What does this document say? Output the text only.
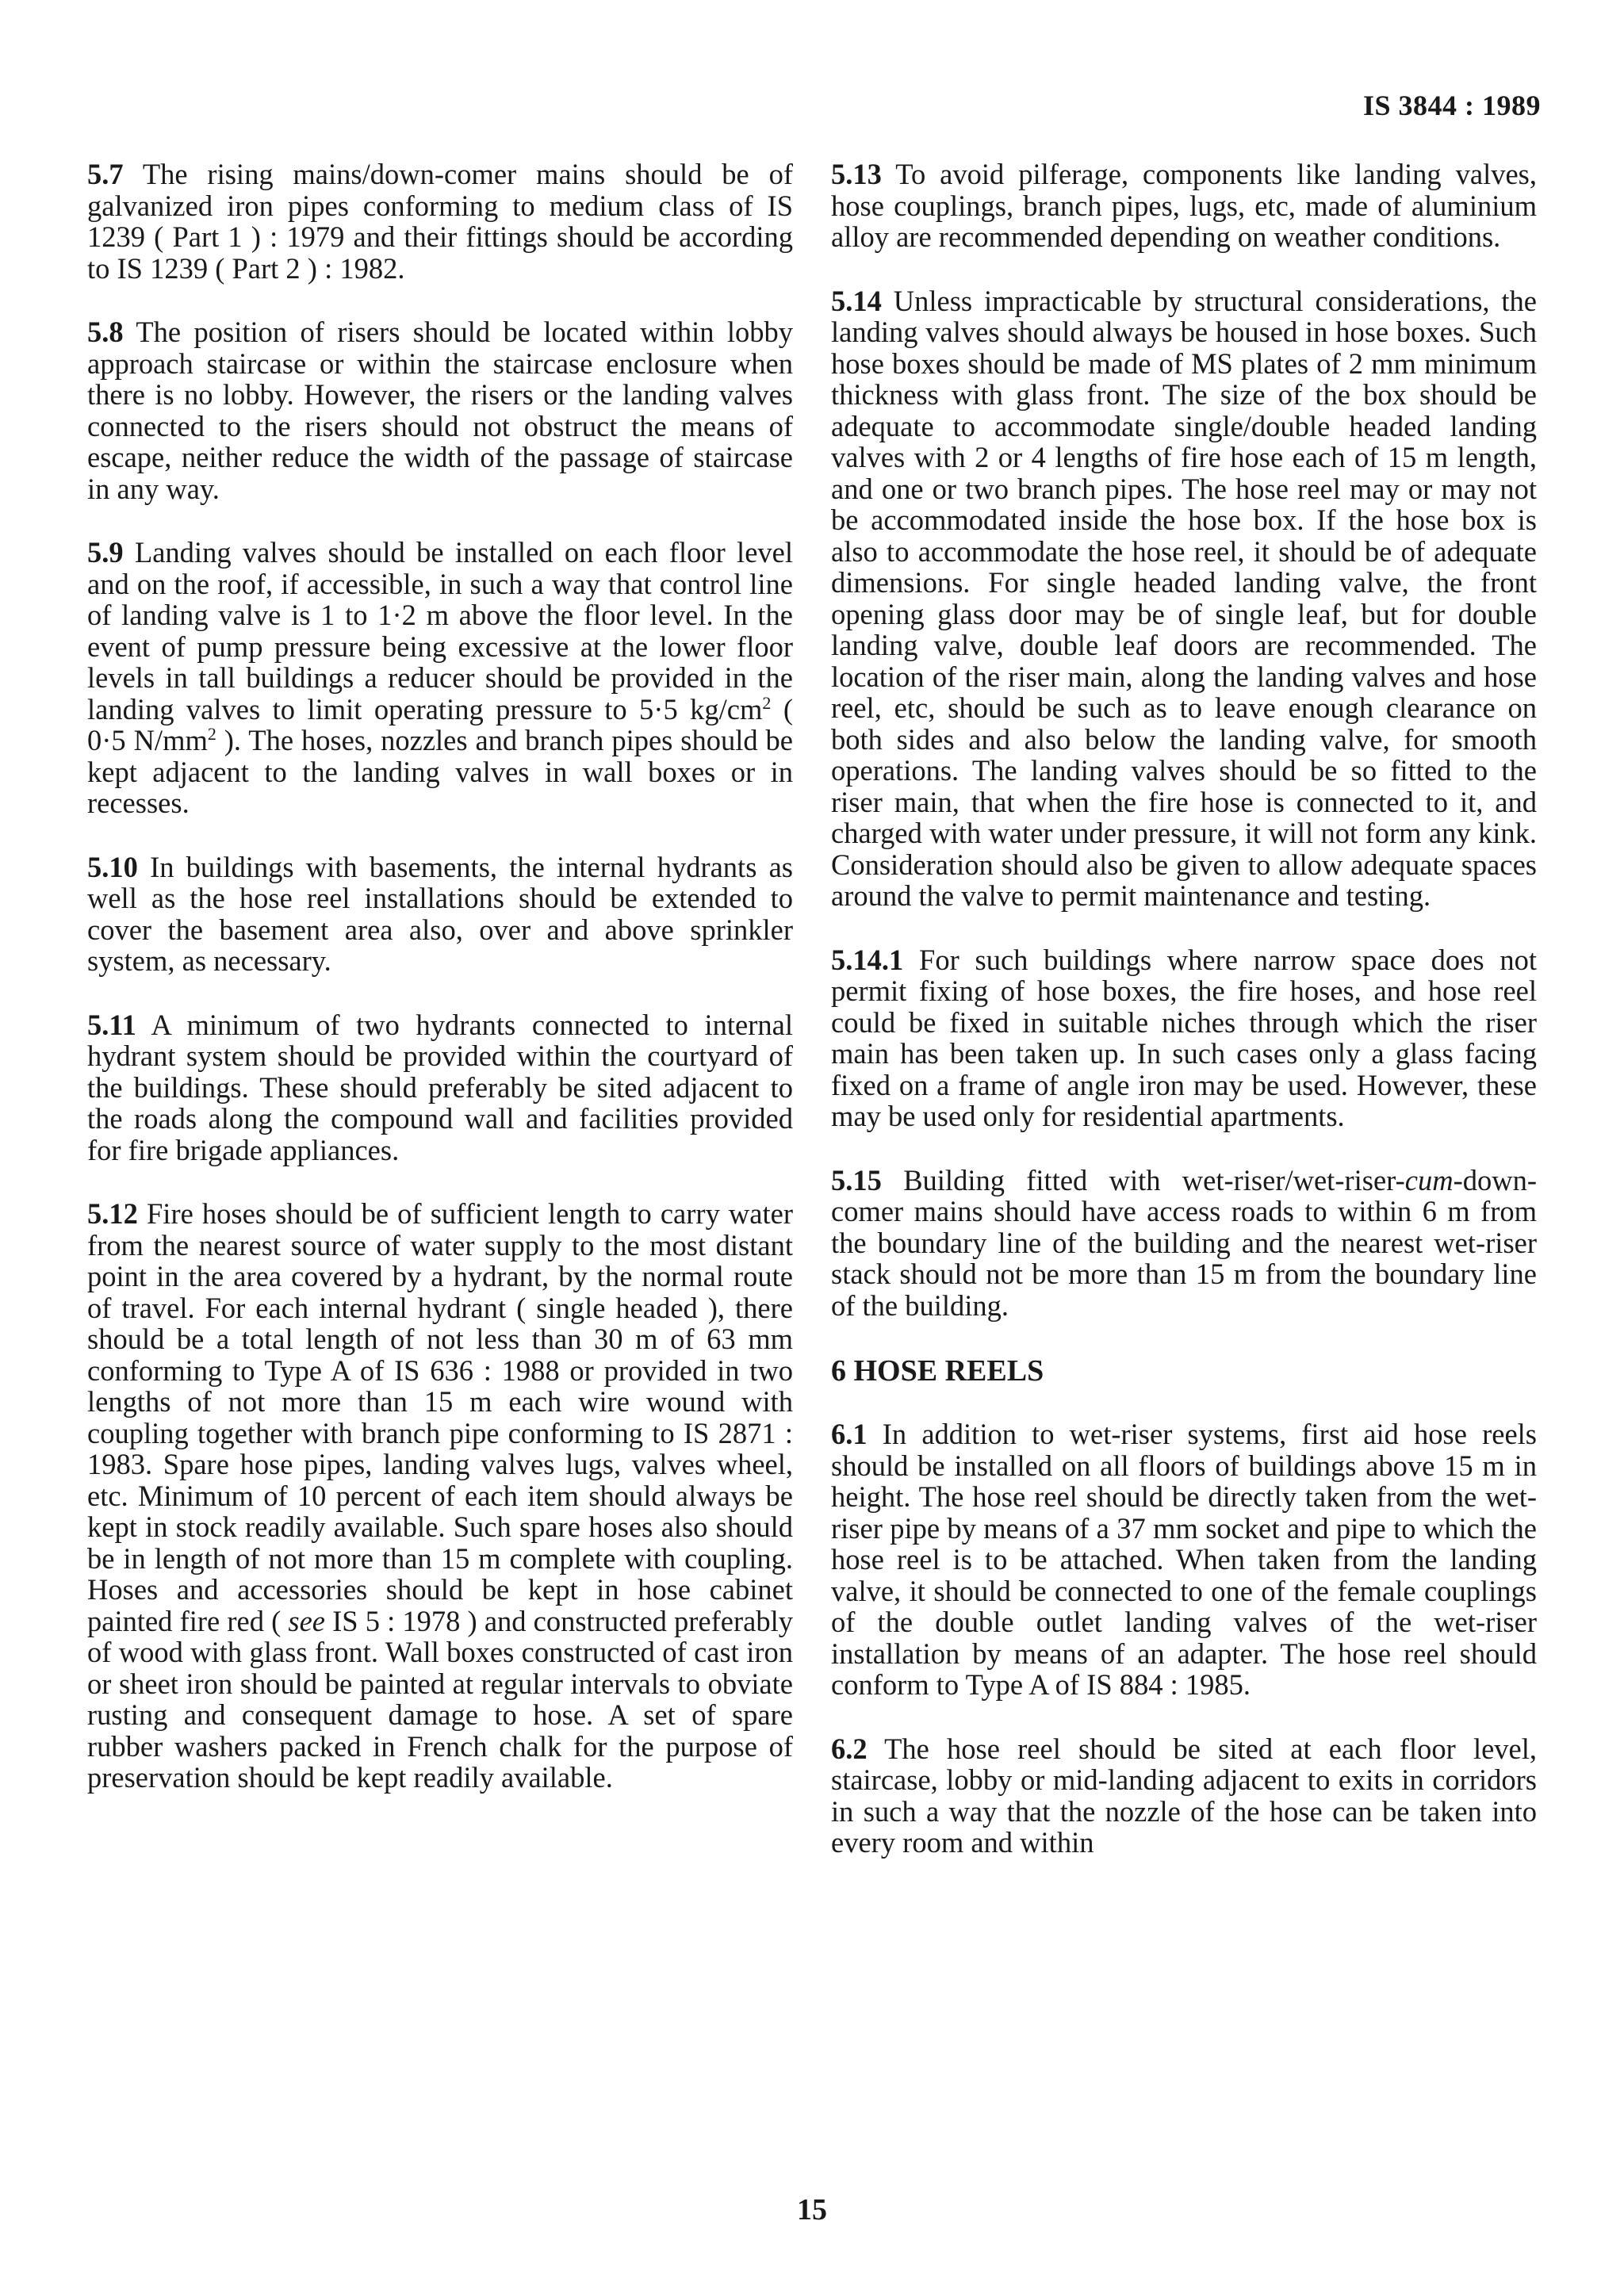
IS 3844 : 1989

5.7 The rising mains/down-comer mains should be of galvanized iron pipes conforming to medium class of IS 1239 ( Part 1 ) : 1979 and their fittings should be according to IS 1239 ( Part 2 ) : 1982.

5.8 The position of risers should be located within lobby approach staircase or within the staircase enclosure when there is no lobby. However, the risers or the landing valves connected to the risers should not obstruct the means of escape, neither reduce the width of the passage of staircase in any way.

5.9 Landing valves should be installed on each floor level and on the roof, if accessible, in such a way that control line of landing valve is 1 to 1·2 m above the floor level. In the event of pump pressure being excessive at the lower floor levels in tall buildings a reducer should be provided in the landing valves to limit operating pressure to 5·5 $kg/cm^2$ ( 0·5 $N/mm^2$ ). The hoses, nozzles and branch pipes should be kept adjacent to the landing valves in wall boxes or in recesses.

5.10 In buildings with basements, the internal hydrants as well as the hose reel installations should be extended to cover the basement area also, over and above sprinkler system, as necessary.

5.11 A minimum of two hydrants connected to internal hydrant system should be provided within the courtyard of the buildings. These should preferably be sited adjacent to the roads along the compound wall and facilities provided for fire brigade appliances.

5.12 Fire hoses should be of sufficient length to carry water from the nearest source of water supply to the most distant point in the area covered by a hydrant, by the normal route of travel. For each internal hydrant ( single headed ), there should be a total length of not less than 30 m of 63 mm conforming to Type A of IS 636 : 1988 or provided in two lengths of not more than 15 m each wire wound with coupling together with branch pipe conforming to IS 2871 : 1983. Spare hose pipes, landing valves lugs, valves wheel, etc. Minimum of 10 percent of each item should always be kept in stock readily available. Such spare hoses also should be in length of not more than 15 m complete with coupling. Hoses and accessories should be kept in hose cabinet painted fire red ( see IS 5 : 1978 ) and constructed preferably of wood with glass front. Wall boxes constructed of cast iron or sheet iron should be painted at regular intervals to obviate rusting and consequent damage to hose. A set of spare rubber washers packed in French chalk for the purpose of preservation should be kept readily available.

5.13 To avoid pilferage, components like landing valves, hose couplings, branch pipes, lugs, etc, made of aluminium alloy are recommended depending on weather conditions.

5.14 Unless impracticable by structural considerations, the landing valves should always be housed in hose boxes. Such hose boxes should be made of MS plates of 2 mm minimum thickness with glass front. The size of the box should be adequate to accommodate single/double headed landing valves with 2 or 4 lengths of fire hose each of 15 m length, and one or two branch pipes. The hose reel may or may not be accommodated inside the hose box. If the hose box is also to accommodate the hose reel, it should be of adequate dimensions. For single headed landing valve, the front opening glass door may be of single leaf, but for double landing valve, double leaf doors are recommended. The location of the riser main, along the landing valves and hose reel, etc, should be such as to leave enough clearance on both sides and also below the landing valve, for smooth operations. The landing valves should be so fitted to the riser main, that when the fire hose is connected to it, and charged with water under pressure, it will not form any kink. Consideration should also be given to allow adequate spaces around the valve to permit maintenance and testing.

5.14.1 For such buildings where narrow space does not permit fixing of hose boxes, the fire hoses, and hose reel could be fixed in suitable niches through which the riser main has been taken up. In such cases only a glass facing fixed on a frame of angle iron may be used. However, these may be used only for residential apartments.

5.15 Building fitted with wet-riser/wet-riser-cum-down-comer mains should have access roads to within 6 m from the boundary line of the building and the nearest wet-riser stack should not be more than 15 m from the boundary line of the building.

6 HOSE REELS

6.1 In addition to wet-riser systems, first aid hose reels should be installed on all floors of buildings above 15 m in height. The hose reel should be directly taken from the wet-riser pipe by means of a 37 mm socket and pipe to which the hose reel is to be attached. When taken from the landing valve, it should be connected to one of the female couplings of the double outlet landing valves of the wet-riser installation by means of an adapter. The hose reel should conform to Type A of IS 884 : 1985.

6.2 The hose reel should be sited at each floor level, staircase, lobby or mid-landing adjacent to exits in corridors in such a way that the nozzle of the hose can be taken into every room and within

15
